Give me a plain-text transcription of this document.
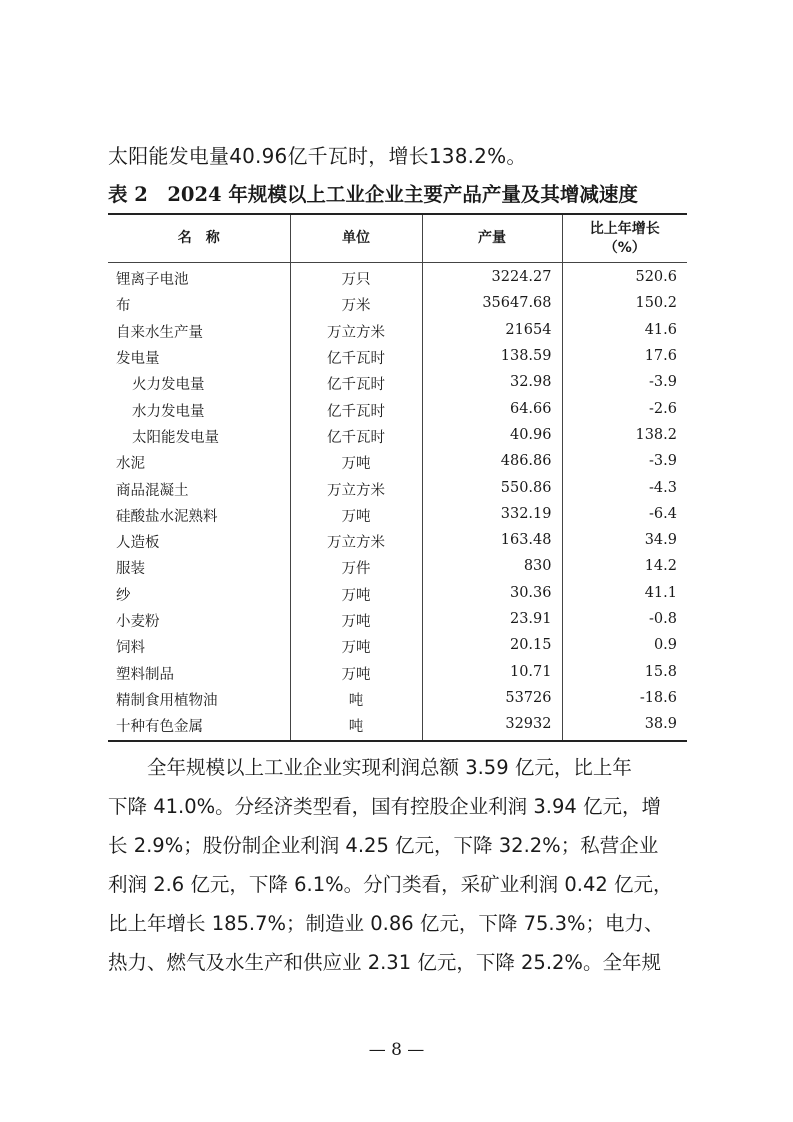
太阳能发电量40.96亿千瓦时，增长138.2%。
表 2　2024 年规模以上工业企业主要产品产量及其增减速度
名　称	单位	产量	比上年增长
（%）

锂离子电池	万只	3224.27	520.6
布	万米	35647.68	150.2
自来水生产量	万立方米	21654	41.6
发电量	亿千瓦时	138.59	17.6
火力发电量	亿千瓦时	32.98	-3.9
水力发电量	亿千瓦时	64.66	-2.6
太阳能发电量	亿千瓦时	40.96	138.2
水泥	万吨	486.86	-3.9
商品混凝土	万立方米	550.86	-4.3
硅酸盐水泥熟料	万吨	332.19	-6.4
人造板	万立方米	163.48	34.9
服装	万件	830	14.2
纱	万吨	30.36	41.1
小麦粉	万吨	23.91	-0.8
饲料	万吨	20.15	0.9
塑料制品	万吨	10.71	15.8
精制食用植物油	吨	53726	-18.6
十种有色金属	吨	32932	38.9
　　全年规模以上工业企业实现利润总额 3.59 亿元，比上年
下降 41.0%。分经济类型看，国有控股企业利润 3.94 亿元，增
长 2.9%；股份制企业利润 4.25 亿元，下降 32.2%；私营企业
利润 2.6 亿元，下降 6.1%。分门类看，采矿业利润 0.42 亿元，
比上年增长 185.7%；制造业 0.86 亿元，下降 75.3%；电力、
热力、燃气及水生产和供应业 2.31 亿元，下降 25.2%。全年规
— 8 —
